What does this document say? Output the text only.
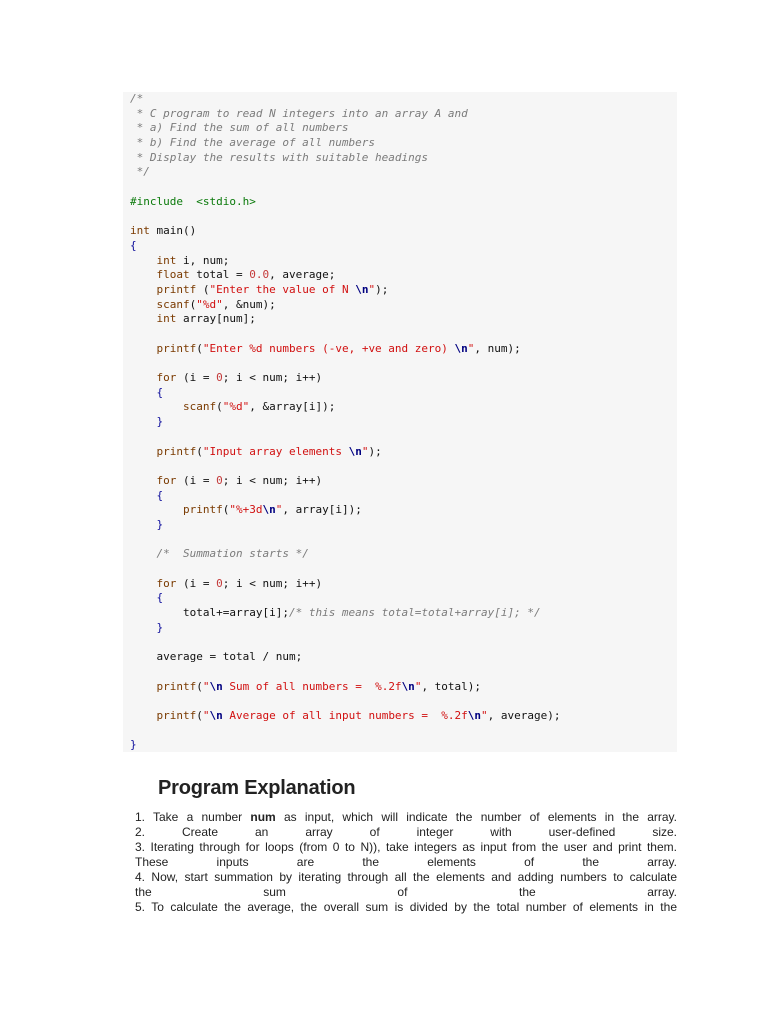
/*
* C program to read N integers into an array A and
* a) Find the sum of all numbers
* b) Find the average of all numbers
* Display the results with suitable headings
*/

#include  <stdio.h>

int main()
{
int i, num;
float total = 0.0, average;
printf ("Enter the value of N \n");
scanf("%d", &num);
int array[num];

printf("Enter %d numbers (-ve, +ve and zero) \n", num);

for (i = 0; i < num; i++)
{
scanf("%d", &array[i]);
}

printf("Input array elements \n");

for (i = 0; i < num; i++)
{
printf("%+3d\n", array[i]);
}

/*  Summation starts */

for (i = 0; i < num; i++)
{
total+=array[i];/* this means total=total+array[i]; */
}

average = total / num;

printf("\n Sum of all numbers =  %.2f\n", total);

printf("\n Average of all input numbers =  %.2f\n", average);

}
Program Explanation
1. Take a number num as input, which will indicate the number of elements in the array.
2. Create an array of integer with user-defined size.
3. Iterating through for loops (from 0 to N)), take integers as input from the user and print them.
These inputs are the elements of the array.
4. Now, start summation by iterating through all the elements and adding numbers to calculate
the sum of the array.
5. To calculate the average, the overall sum is divided by the total number of elements in the
